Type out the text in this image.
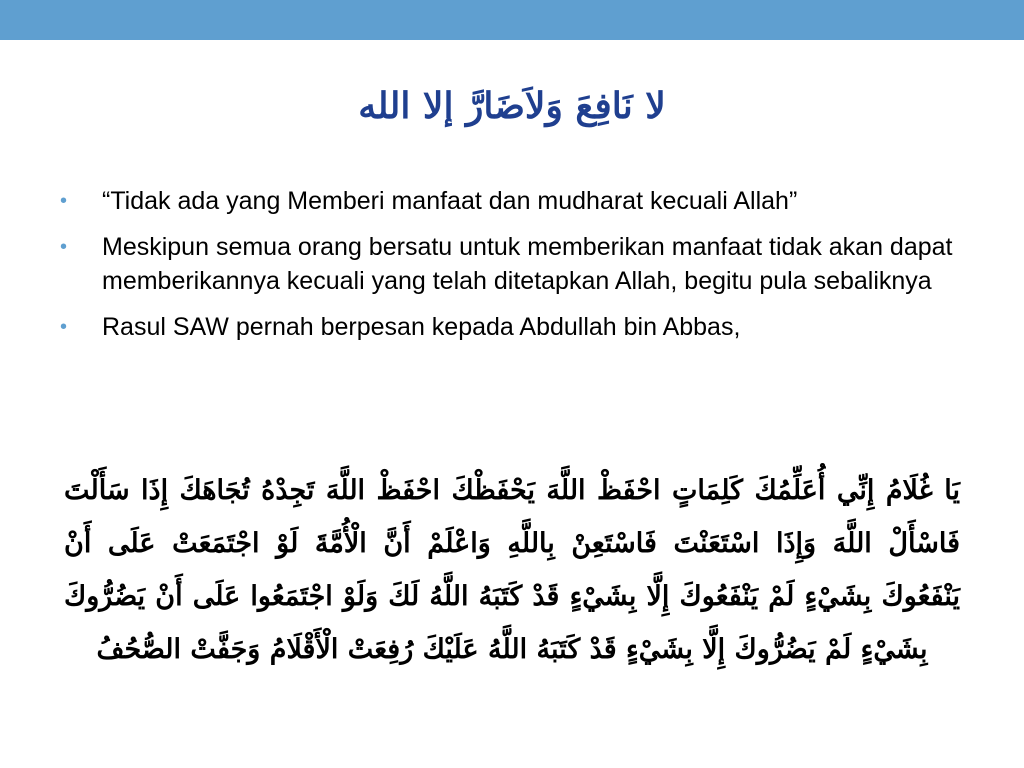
لا نَافِعَ وَلاَضَارَّ إلا الله
•	“Tidak ada yang Memberi manfaat dan mudharat kecuali Allah”
•	Meskipun semua orang bersatu untuk memberikan manfaat tidak akan dapat memberikannya kecuali yang telah ditetapkan Allah, begitu pula sebaliknya
•	Rasul SAW pernah berpesan kepada Abdullah bin Abbas,
يَا غُلَامُ إِنِّي أُعَلِّمُكَ كَلِمَاتٍ احْفَظْ اللَّهَ يَحْفَظْكَ احْفَظْ اللَّهَ تَجِدْهُ تُجَاهَكَ إِذَا سَأَلْتَ فَاسْأَلْ اللَّهَ وَإِذَا اسْتَعَنْتَ فَاسْتَعِنْ بِاللَّهِ وَاعْلَمْ أَنَّ الْأُمَّةَ لَوْ اجْتَمَعَتْ عَلَى أَنْ يَنْفَعُوكَ بِشَيْءٍ لَمْ يَنْفَعُوكَ إِلَّا بِشَيْءٍ قَدْ كَتَبَهُ اللَّهُ لَكَ وَلَوْ اجْتَمَعُوا عَلَى أَنْ يَضُرُّوكَ بِشَيْءٍ لَمْ يَضُرُّوكَ إِلَّا بِشَيْءٍ قَدْ كَتَبَهُ اللَّهُ عَلَيْكَ رُفِعَتْ الْأَقْلَامُ وَجَفَّتْ الصُّحُفُ
